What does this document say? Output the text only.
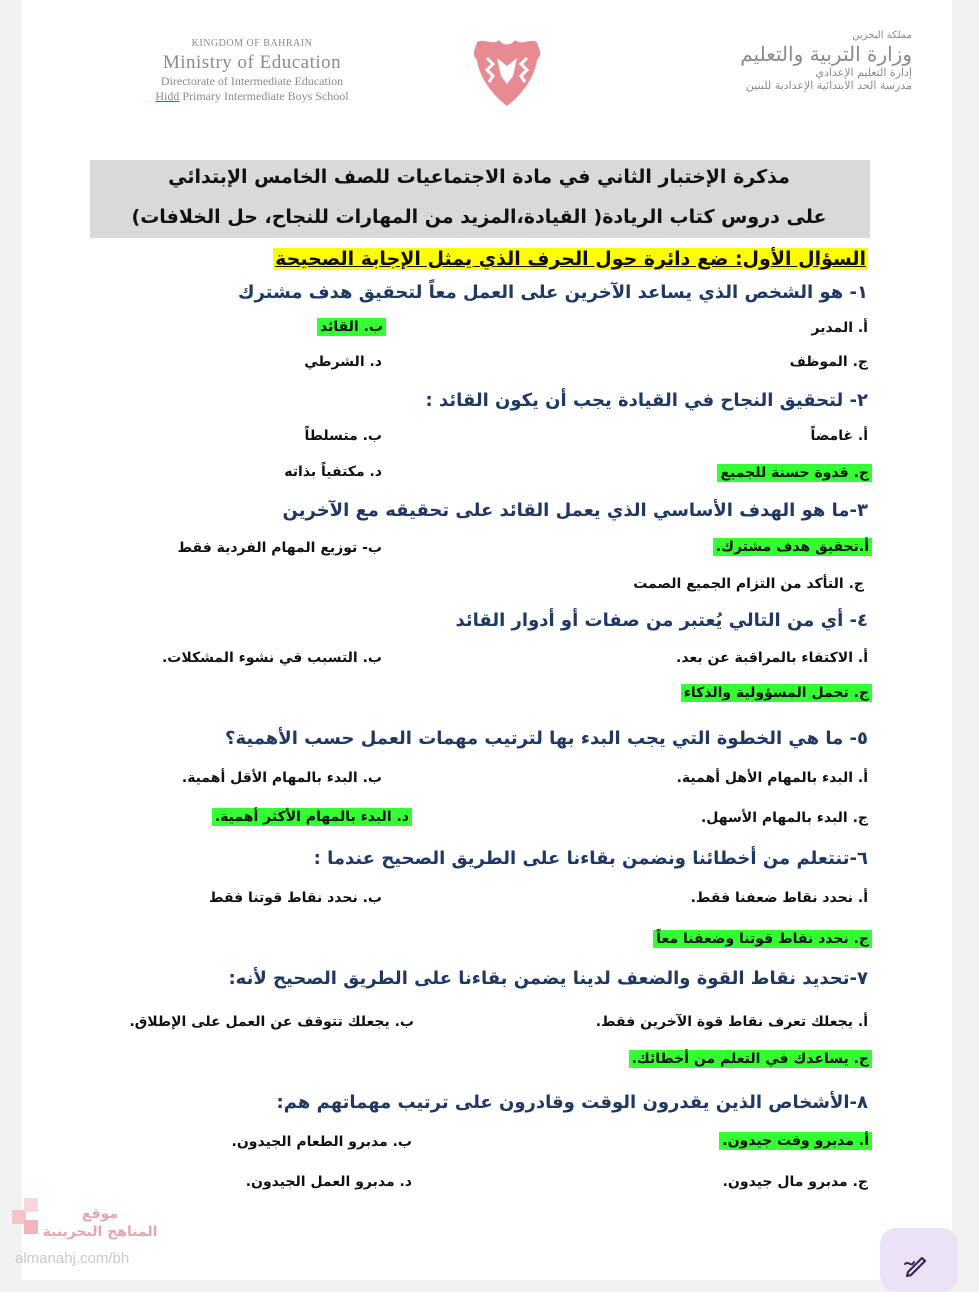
KINGDOM OF BAHRAIN
Ministry of Education
Directorate of Intermediate Education
Hidd Primary Intermediate Boys School
مملكة البحرين
وزارة التربية والتعليم
إدارة التعليم الإعدادي
مدرسة الحد الابتدائية الإعدادية للبنين
مذكرة الإختبار الثاني في مادة الاجتماعيات للصف الخامس الإبتدائي
على دروس كتاب الريادة( القيادة،المزيد من المهارات للنجاح، حل الخلافات)
السؤال الأول: ضع دائرة حول الحرف الذي يمثل الإجابة الصحيحة
١- هو الشخص الذي يساعد الآخرين على العمل معاً لتحقيق هدف مشترك
أ. المدير
ب. القائد
ج. الموظف
د. الشرطي
٢- لتحقيق النجاح في القيادة يجب أن يكون القائد :
أ. غامضاً
ب. متسلطاً
ج. قدوة حسنة للجميع
د. مكتفياً بذاته
٣-ما هو الهدف الأساسي الذي يعمل القائد على تحقيقه مع الآخرين
أ.تحقيق هدف مشترك.
ب- توزيع المهام الفردية فقط
ج. التأكد من التزام الجميع الصمت
٤- أي من التالي يُعتبر من صفات أو أدوار القائد
أ. الاكتفاء بالمراقبة عن بعد.
ب. التسبب في نشوء المشكلات.
ج. تحمل المسؤولية والذكاء
٥- ما هي الخطوة التي يجب البدء بها لترتيب مهمات العمل حسب الأهمية؟
أ. البدء بالمهام الأهل أهمية.
ب. البدء بالمهام الأقل أهمية.
ج. البدء بالمهام الأسهل.
د. البدء بالمهام الأكثر أهمية.
٦-تنتعلم من أخطائنا ونضمن بقاءنا على الطريق الصحيح عندما :
أ. نحدد نقاط ضعفنا فقط.
ب. نحدد نقاط قوتنا فقط
ج. نحدد نقاط قوتنا وضعفنا معاً
٧-تحديد نقاط القوة والضعف لدينا يضمن بقاءنا على الطريق الصحيح لأنه:
أ. يجعلك تعرف نقاط قوة الآخرين فقط.
ب. يجعلك تتوقف عن العمل على الإطلاق.
ج. يساعدك في التعلم من أخطائك.
٨-الأشخاص الذين يقدرون الوقت وقادرون على ترتيب مهماتهم هم:
أ. مدبرو وقت جيدون.
ب. مدبرو الطعام الجيدون.
ج. مدبرو مال جيدون.
د. مدبرو العمل الجيدون.
موقع
المناهج البحرينية
almanahj.com/bh
